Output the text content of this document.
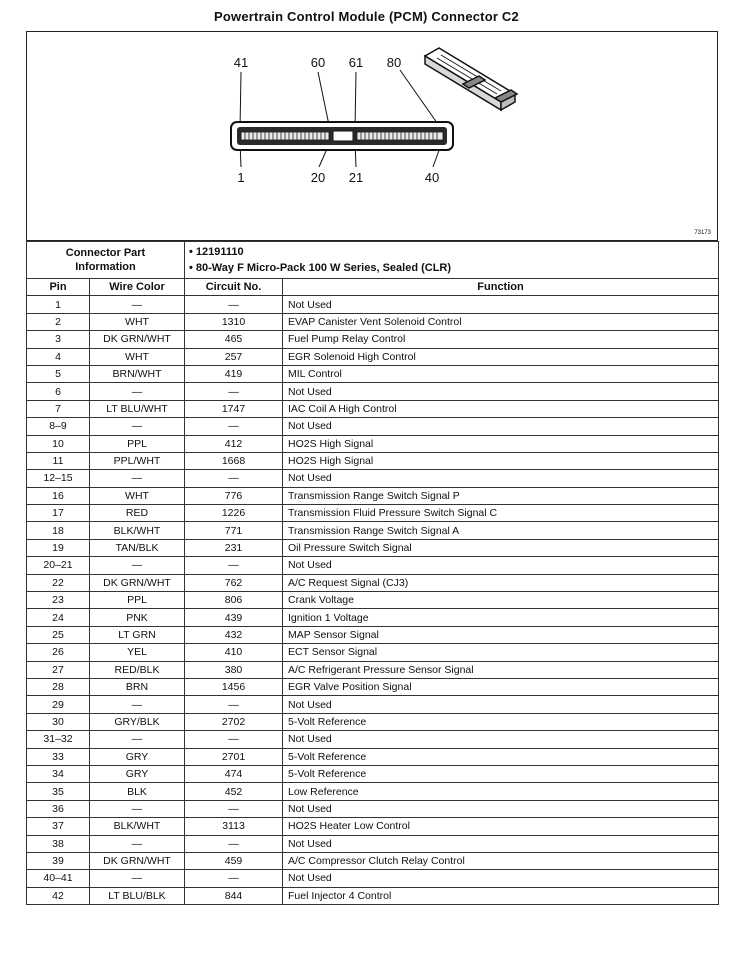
Powertrain Control Module (PCM) Connector C2
41	60 61 80
1	20 21	40
73173
Connector Part
Information

• 12191110
• 80-Way F Micro-Pack 100 W Series, Sealed (CLR)
Pin	Wire Color	Circuit No.	Function
1	—	—	Not Used
2	WHT	1310	EVAP Canister Vent Solenoid Control
3	DK GRN/WHT	465	Fuel Pump Relay Control
4	WHT	257	EGR Solenoid High Control
5	BRN/WHT	419	MIL Control
6	—	—	Not Used
7	LT BLU/WHT	1747	IAC Coil A High Control
8–9	—	—	Not Used
10	PPL	412	HO2S High Signal
11	PPL/WHT	1668	HO2S High Signal
12–15	—	—	Not Used
16	WHT	776	Transmission Range Switch Signal P
17	RED	1226	Transmission Fluid Pressure Switch Signal C
18	BLK/WHT	771	Transmission Range Switch Signal A
19	TAN/BLK	231	Oil Pressure Switch Signal
20–21	—	—	Not Used
22	DK GRN/WHT	762	A/C Request Signal (CJ3)
23	PPL	806	Crank Voltage
24	PNK	439	Ignition 1 Voltage
25	LT GRN	432	MAP Sensor Signal
26	YEL	410	ECT Sensor Signal
27	RED/BLK	380	A/C Refrigerant Pressure Sensor Signal
28	BRN	1456	EGR Valve Position Signal
29	—	—	Not Used
30	GRY/BLK	2702	5-Volt Reference
31–32	—	—	Not Used
33	GRY	2701	5-Volt Reference
34	GRY	474	5-Volt Reference
35	BLK	452	Low Reference
36	—	—	Not Used
37	BLK/WHT	3113	HO2S Heater Low Control
38	—	—	Not Used
39	DK GRN/WHT	459	A/C Compressor Clutch Relay Control
40–41	—	—	Not Used
42	LT BLU/BLK	844	Fuel Injector 4 Control
